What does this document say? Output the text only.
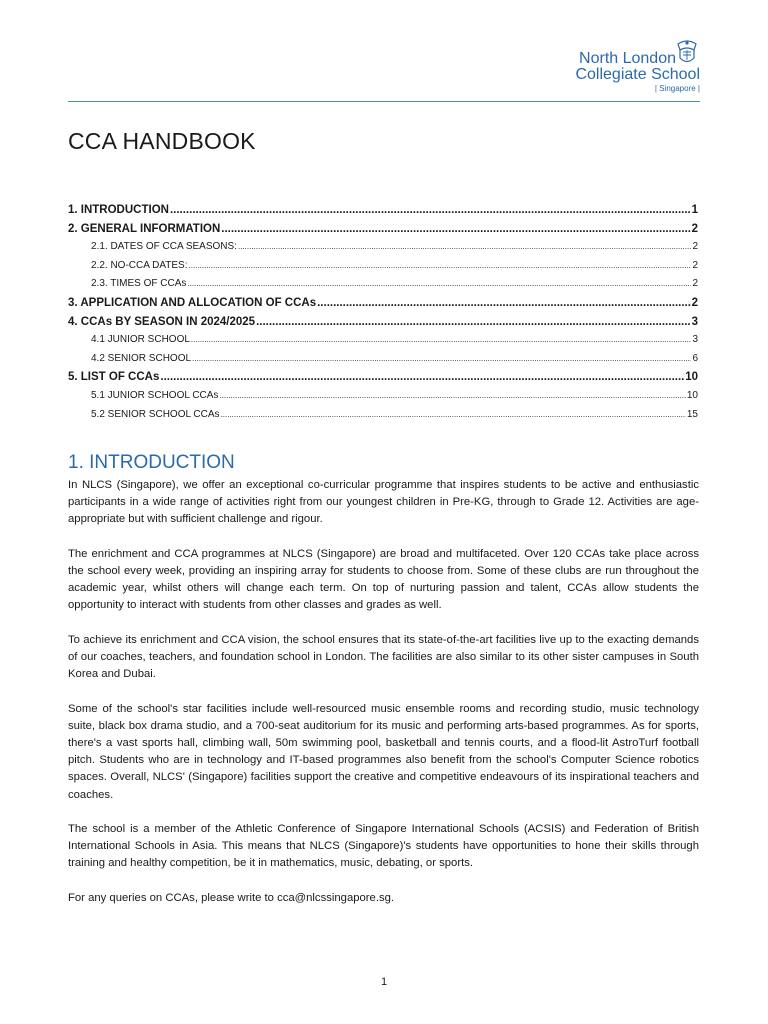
North London
Collegiate School
| Singapore |
CCA HANDBOOK
1. INTRODUCTION .....	1
2. GENERAL INFORMATION .....	2
2.1. DATES OF CCA SEASONS: .....	2
2.2. NO-CCA DATES: .....	2
2.3. TIMES OF CCAs .....	2
3. APPLICATION AND ALLOCATION OF CCAs .....	2
4. CCAs BY SEASON IN 2024/2025 .....	3
4.1 JUNIOR SCHOOL .....	3
4.2 SENIOR SCHOOL .....	6
5. LIST OF CCAs .....	10
5.1 JUNIOR SCHOOL CCAs .....	10
5.2 SENIOR SCHOOL CCAs .....	15
1. INTRODUCTION

In NLCS (Singapore), we offer an exceptional co-curricular programme that inspires students to be active and enthusiastic participants in a wide range of activities right from our youngest children in Pre-KG, through to Grade 12. Activities are age-appropriate but with sufficient challenge and rigour.

The enrichment and CCA programmes at NLCS (Singapore) are broad and multifaceted. Over 120 CCAs take place across the school every week, providing an inspiring array for students to choose from. Some of these clubs are run throughout the academic year, whilst others will change each term. On top of nurturing passion and talent, CCAs allow students the opportunity to interact with students from other classes and grades as well.

To achieve its enrichment and CCA vision, the school ensures that its state-of-the-art facilities live up to the exacting demands of our coaches, teachers, and foundation school in London. The facilities are also similar to its other sister campuses in South Korea and Dubai.

Some of the school's star facilities include well-resourced music ensemble rooms and recording studio, music technology suite, black box drama studio, and a 700-seat auditorium for its music and performing arts-based programmes. As for sports, there's a vast sports hall, climbing wall, 50m swimming pool, basketball and tennis courts, and a flood-lit AstroTurf football pitch. Students who are in technology and IT-based programmes also benefit from the school's Computer Science robotics spaces. Overall, NLCS' (Singapore) facilities support the creative and competitive endeavours of its inspirational teachers and coaches.

The school is a member of the Athletic Conference of Singapore International Schools (ACSIS) and Federation of British International Schools in Asia. This means that NLCS (Singapore)'s students have opportunities to hone their skills through training and healthy competition, be it in mathematics, music, debating, or sports.

For any queries on CCAs, please write to cca@nlcssingapore.sg.

1
